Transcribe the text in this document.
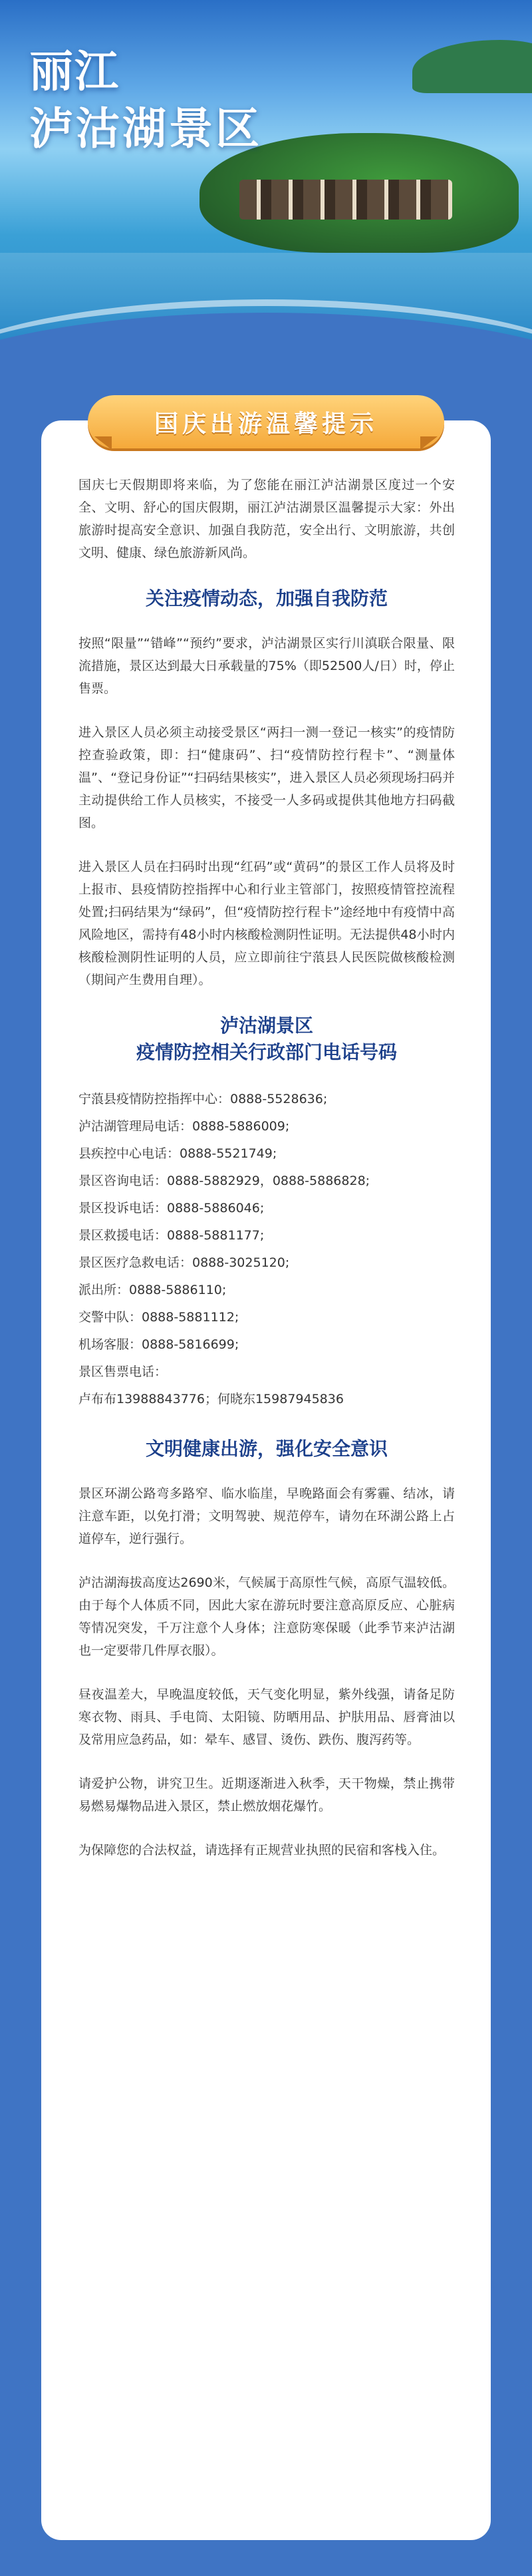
丽江
泸沽湖景区
国庆出游温馨提示

国庆七天假期即将来临，为了您能在丽江泸沽湖景区度过一个安全、文明、舒心的国庆假期，丽江泸沽湖景区温馨提示大家：外出旅游时提高安全意识、加强自我防范，安全出行、文明旅游，共创文明、健康、绿色旅游新风尚。

关注疫情动态，加强自我防范

按照“限量”“错峰”“预约”要求，泸沽湖景区实行川滇联合限量、限流措施，景区达到最大日承载量的75%（即52500人/日）时，停止售票。

进入景区人员必须主动接受景区“两扫一测一登记一核实”的疫情防控查验政策，即：扫“健康码”、扫“疫情防控行程卡”、“测量体温”、“登记身份证”“扫码结果核实”，进入景区人员必须现场扫码并主动提供给工作人员核实，不接受一人多码或提供其他地方扫码截图。

进入景区人员在扫码时出现“红码”或“黄码”的景区工作人员将及时上报市、县疫情防控指挥中心和行业主管部门，按照疫情管控流程处置;扫码结果为“绿码”，但“疫情防控行程卡”途经地中有疫情中高风险地区，需持有48小时内核酸检测阴性证明。无法提供48小时内核酸检测阴性证明的人员，应立即前往宁蒗县人民医院做核酸检测（期间产生费用自理）。

泸沽湖景区
疫情防控相关行政部门电话号码
宁蒗县疫情防控指挥中心：0888-5528636;
泸沽湖管理局电话：0888-5886009;
县疾控中心电话：0888-5521749;
景区咨询电话：0888-5882929，0888-5886828;
景区投诉电话：0888-5886046;
景区救援电话：0888-5881177;
景区医疗急救电话：0888-3025120;
派出所：0888-5886110;
交警中队：0888-5881112;
机场客服：0888-5816699;
景区售票电话：
卢布布13988843776；何晓东15987945836
文明健康出游，强化安全意识

景区环湖公路弯多路窄、临水临崖，早晚路面会有雾霾、结冰，请注意车距，以免打滑；文明驾驶、规范停车，请勿在环湖公路上占道停车，逆行强行。

泸沽湖海拔高度达2690米，气候属于高原性气候，高原气温较低。由于每个人体质不同，因此大家在游玩时要注意高原反应、心脏病等情况突发，千万注意个人身体；注意防寒保暖（此季节来泸沽湖也一定要带几件厚衣服）。

昼夜温差大，早晚温度较低，天气变化明显，紫外线强，请备足防寒衣物、雨具、手电筒、太阳镜、防晒用品、护肤用品、唇膏油以及常用应急药品，如：晕车、感冒、烫伤、跌伤、腹泻药等。

请爱护公物，讲究卫生。近期逐渐进入秋季，天干物燥，禁止携带易燃易爆物品进入景区，禁止燃放烟花爆竹。

为保障您的合法权益，请选择有正规营业执照的民宿和客栈入住。
